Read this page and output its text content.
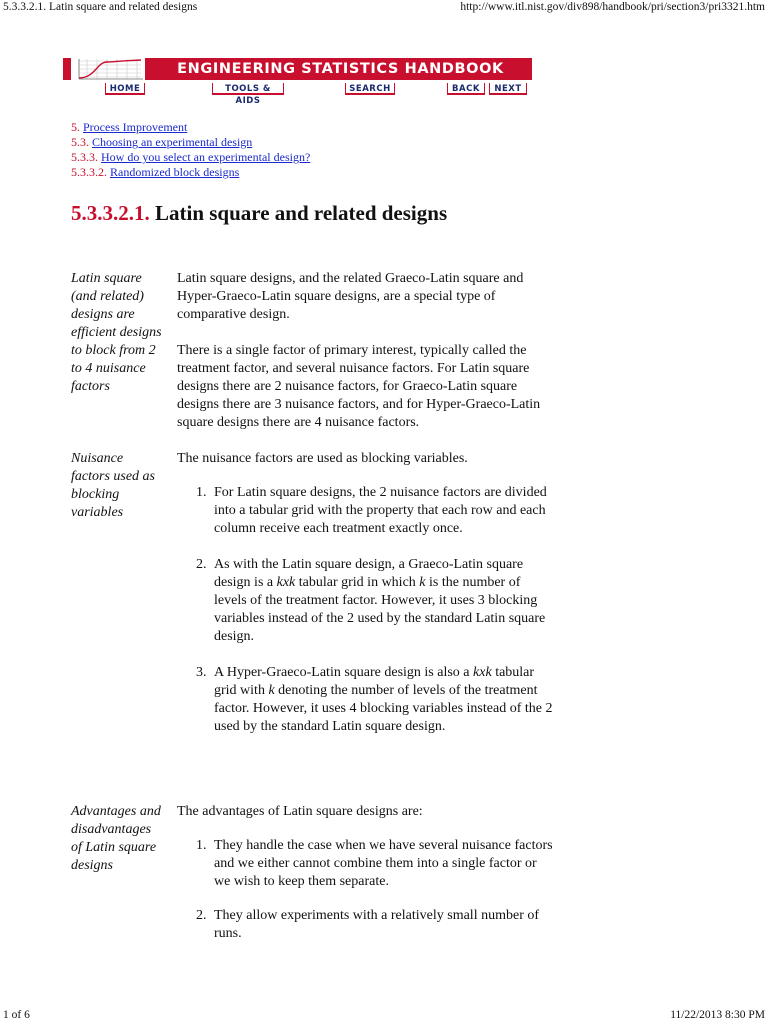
5.3.3.2.1. Latin square and related designs	http://www.itl.nist.gov/div898/handbook/pri/section3/pri3321.htm
ENGINEERING STATISTICS HANDBOOK
HOME	TOOLS & AIDS
SEARCH	BACK	NEXT
5. Process Improvement
5.3. Choosing an experimental design
5.3.3. How do you select an experimental design?
5.3.3.2. Randomized block designs
5.3.3.2.1. Latin square and related designs
Latin square (and related) designs are efficient designs to block from 2 to 4 nuisance factors

Latin square designs, and the related Graeco-Latin square and Hyper-Graeco-Latin square designs, are a special type of comparative design.

There is a single factor of primary interest, typically called the treatment factor, and several nuisance factors. For Latin square designs there are 2 nuisance factors, for Graeco-Latin square designs there are 3 nuisance factors, and for Hyper-Graeco-Latin square designs there are 4 nuisance factors.

Nuisance factors used as blocking variables

The nuisance factors are used as blocking variables.

1. For Latin square designs, the 2 nuisance factors are divided into a tabular grid with the property that each row and each column receive each treatment exactly once.
2. As with the Latin square design, a Graeco-Latin square design is a kxk tabular grid in which k is the number of levels of the treatment factor. However, it uses 3 blocking variables instead of the 2 used by the standard Latin square design.
3. A Hyper-Graeco-Latin square design is also a kxk tabular grid with k denoting the number of levels of the treatment factor. However, it uses 4 blocking variables instead of the 2 used by the standard Latin square design.
Advantages and disadvantages of Latin square designs

The advantages of Latin square designs are:

1. They handle the case when we have several nuisance factors and we either cannot combine them into a single factor or we wish to keep them separate.
2. They allow experiments with a relatively small number of runs.
1 of 6	11/22/2013 8:30 PM
